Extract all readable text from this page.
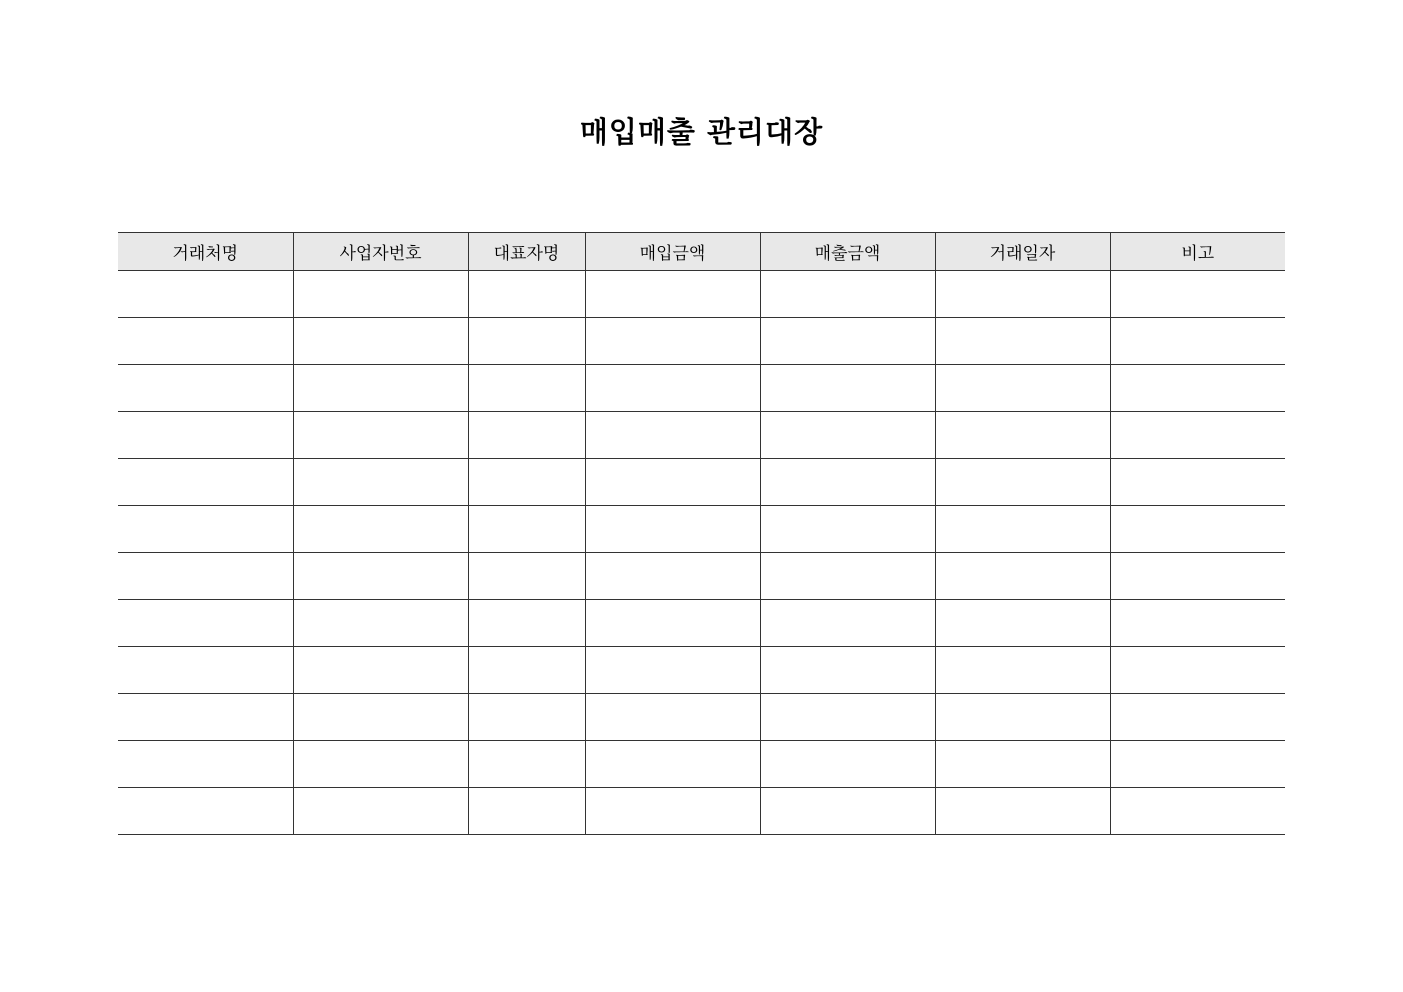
매입매출 관리대장
거래처명	사업자번호	대표자명	매입금액	매출금액	거래일자	비고
